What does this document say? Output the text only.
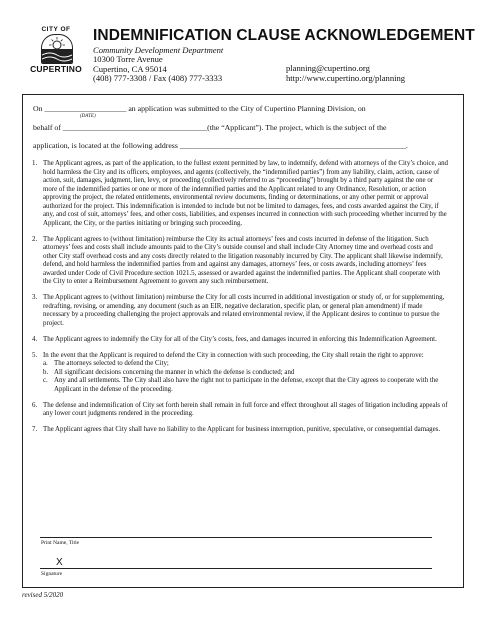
CITY OF
CUPERTINO
INDEMNIFICATION CLAUSE ACKNOWLEDGEMENT
Community Development Department
10300 Torre Avenue
Cupertino, CA 95014
(408) 777-3308 / Fax (408) 777-3333
planning@cupertino.org
http://www.cupertino.org/planning
On _____________________ an application was submitted to the City of Cupertino Planning Division, on
(DATE)
behalf of _____________________________________(the “Applicant”). The project, which is the subject of the
application, is located at the following address __________________________________________________________.
1. The Applicant agrees, as part of the application, to the fullest extent permitted by law, to indemnify, defend with attorneys of the City’s choice, and hold harmless the City and its officers, employees, and agents (collectively, the “indemnified parties”) from any liability, claim, action, cause of action, suit, damages, judgment, lien, levy, or proceeding (collectively referred to as “proceeding”) brought by a third party against the one or more of the indemnified parties or one or more of the indemnified parties and the Applicant related to any Ordinance, Resolution, or action approving the project, the related entitlements, environmental review documents, finding or determinations, or any other permit or approval authorized for the project. This indemnification is intended to include but not be limited to damages, fees, and costs awarded against the City, if any, and cost of suit, attorneys’ fees, and other costs, liabilities, and expenses incurred in connection with such proceeding whether incurred by the Applicant, the City, or the parties initiating or bringing such proceeding.
2. The Applicant agrees to (without limitation) reimburse the City its actual attorneys’ fees and costs incurred in defense of the litigation. Such attorneys’ fees and costs shall include amounts paid to the City’s outside counsel and shall include City Attorney time and overhead costs and other City staff overhead costs and any costs directly related to the litigation reasonably incurred by City. The applicant shall likewise indemnify, defend, and hold harmless the indemnified parties from and against any damages, attorneys’ fees, or costs awards, including attorneys’ fees awarded under Code of Civil Procedure section 1021.5, assessed or awarded against the indemnified parties. The Applicant shall cooperate with the City to enter a Reimbursement Agreement to govern any such reimbursement.
3. The Applicant agrees to (without limitation) reimburse the City for all costs incurred in additional investigation or study of, or for supplementing, redrafting, revising, or amending, any document (such as an EIR, negative declaration, specific plan, or general plan amendment) if made necessary by a proceeding challenging the project approvals and related environmental review, if the Applicant desires to continue to pursue the project.
4. The Applicant agrees to indemnify the City for all of the City’s costs, fees, and damages incurred in enforcing this Indemnification Agreement.
5. In the event that the Applicant is required to defend the City in connection with such proceeding, the City shall retain the right to approve:
a. The attorneys selected to defend the City;
b. All significant decisions concerning the manner in which the defense is conducted; and
c. Any and all settlements. The City shall also have the right not to participate in the defense, except that the City agrees to cooperate with the Applicant in the defense of the proceeding.
6. The defense and indemnification of City set forth herein shall remain in full force and effect throughout all stages of litigation including appeals of any lower court judgments rendered in the proceeding.
7. The Applicant agrees that City shall have no liability to the Applicant for business interruption, punitive, speculative, or consequential damages.
Print Name, Title
X
Signature
revised 5/2020
